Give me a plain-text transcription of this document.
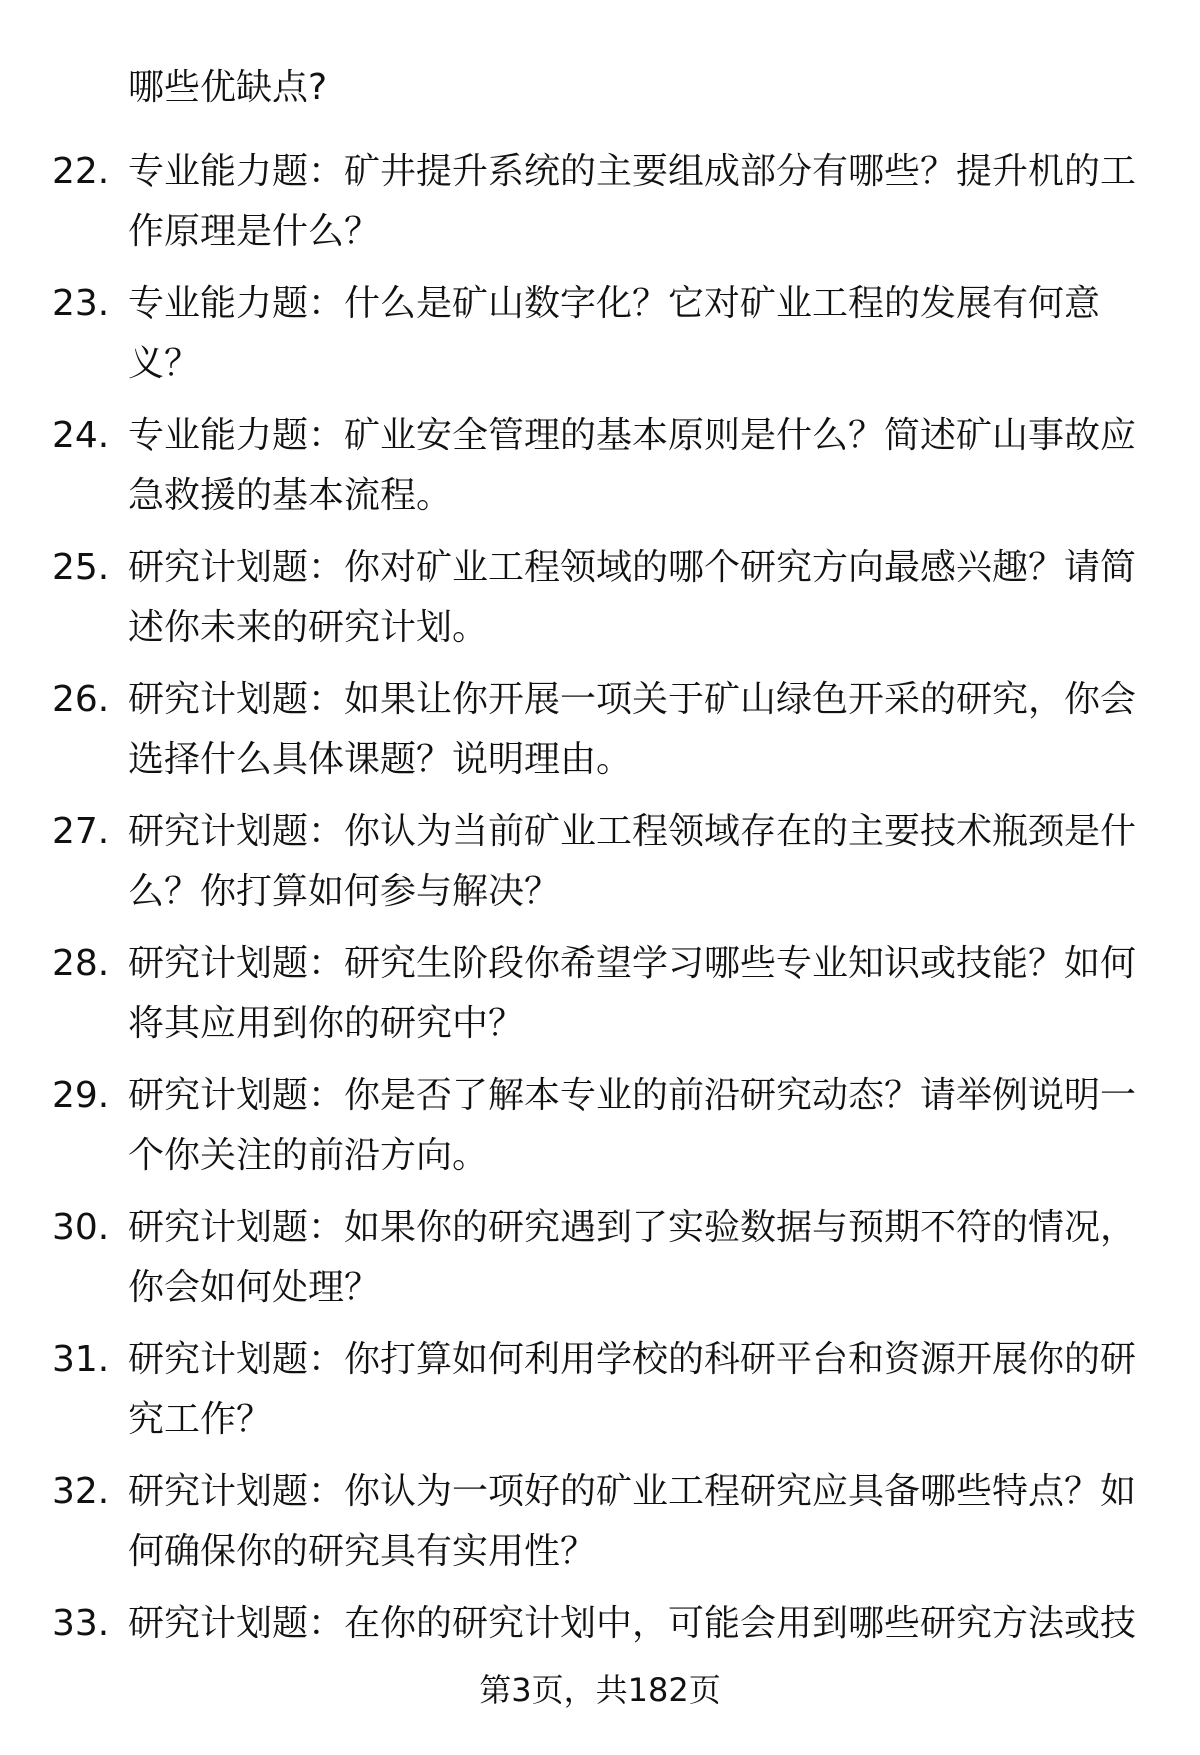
哪些优缺点?
22. 专业能力题：矿井提升系统的主要组成部分有哪些？提升机的工
作原理是什么？
23. 专业能力题：什么是矿山数字化？它对矿业工程的发展有何意
义？
24. 专业能力题：矿业安全管理的基本原则是什么？简述矿山事故应
急救援的基本流程。
25. 研究计划题：你对矿业工程领域的哪个研究方向最感兴趣？请简
述你未来的研究计划。
26. 研究计划题：如果让你开展一项关于矿山绿色开采的研究，你会
选择什么具体课题？说明理由。
27. 研究计划题：你认为当前矿业工程领域存在的主要技术瓶颈是什
么？你打算如何参与解决？
28. 研究计划题：研究生阶段你希望学习哪些专业知识或技能？如何
将其应用到你的研究中？
29. 研究计划题：你是否了解本专业的前沿研究动态？请举例说明一
个你关注的前沿方向。
30. 研究计划题：如果你的研究遇到了实验数据与预期不符的情况，
你会如何处理？
31. 研究计划题：你打算如何利用学校的科研平台和资源开展你的研
究工作？
32. 研究计划题：你认为一项好的矿业工程研究应具备哪些特点？如
何确保你的研究具有实用性？
33. 研究计划题：在你的研究计划中，可能会用到哪些研究方法或技
第3页，共182页
